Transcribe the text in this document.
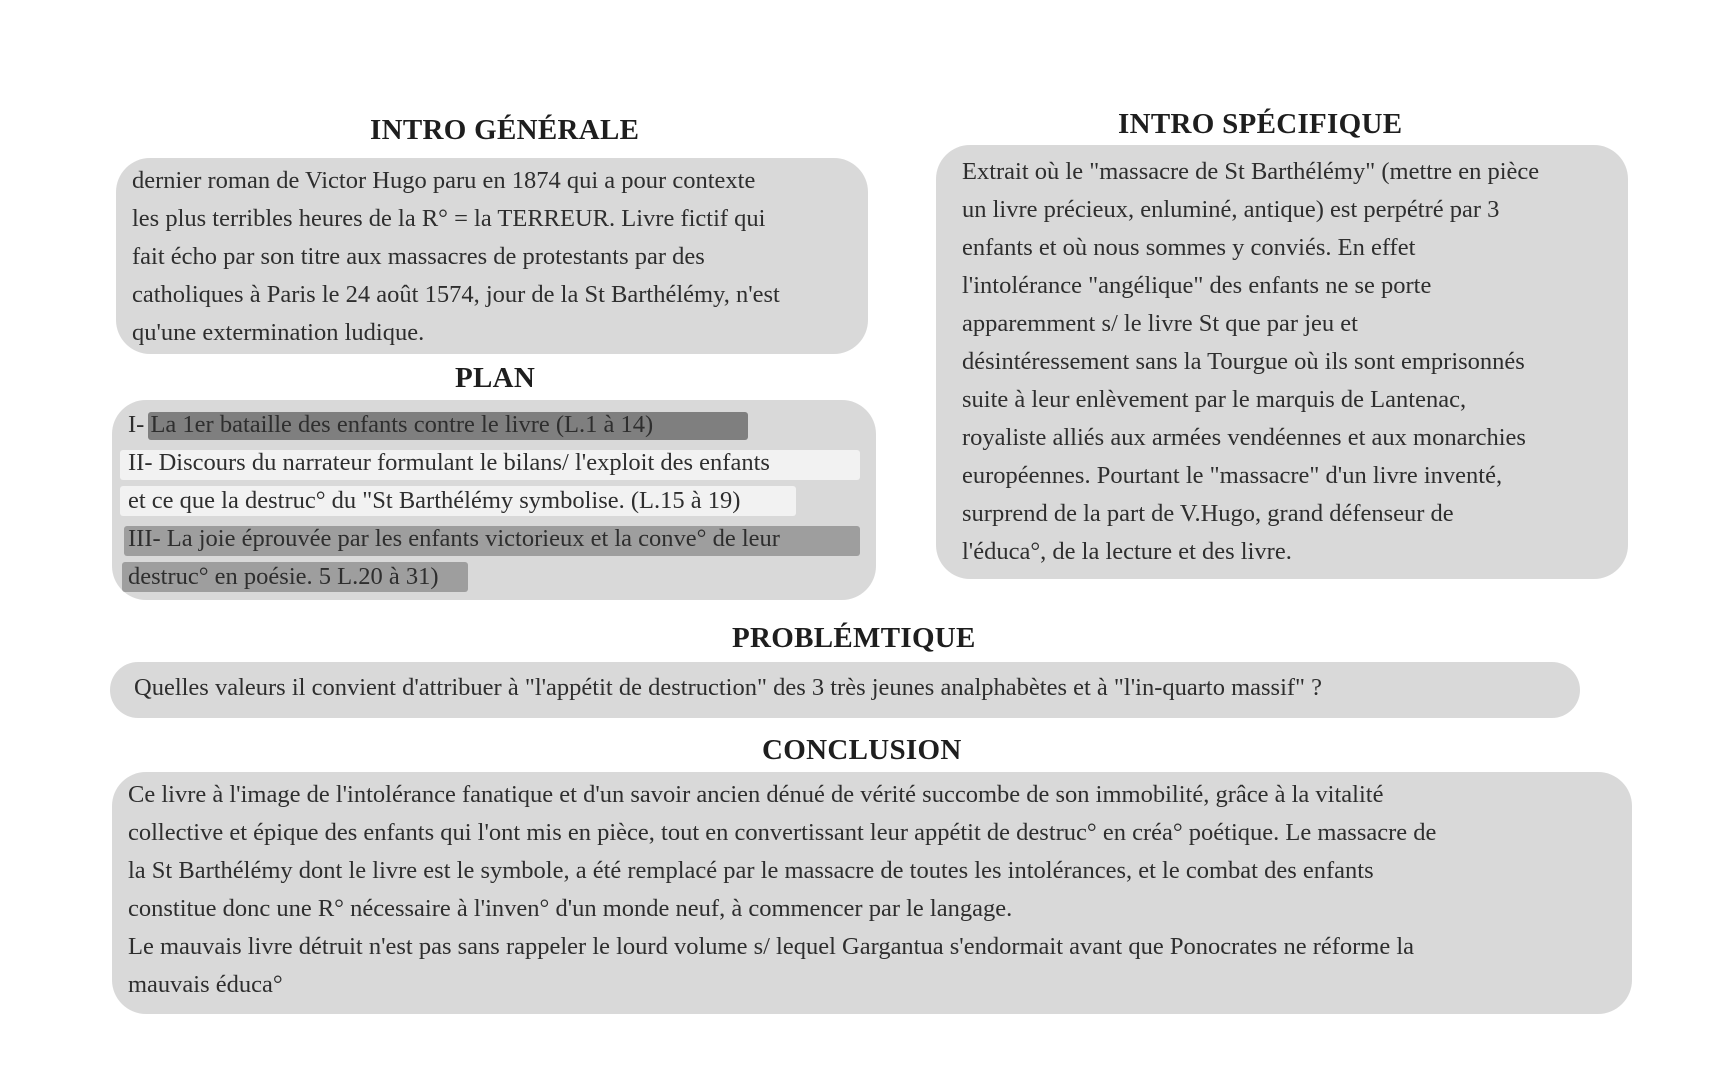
INTRO GÉNÉRALE

dernier roman de Victor Hugo paru en 1874 qui a pour contexte

les plus terribles heures de la R° = la TERREUR. Livre fictif qui

fait écho par son titre aux massacres de protestants par des

catholiques à Paris le 24 août 1574, jour de la St Barthélémy, n'est

qu'une extermination ludique.

PLAN
I- La 1er bataille des enfants contre le livre (L.1 à 14)
II- Discours du narrateur formulant le bilans/ l'exploit des enfants
et ce que la destruc° du "St Barthélémy symbolise. (L.15 à 19)
III- La joie éprouvée par les enfants victorieux et la conve° de leur
destruc° en poésie. 5 L.20 à 31)
INTRO SPÉCIFIQUE

Extrait où le "massacre de St Barthélémy" (mettre en pièce

un livre précieux, enluminé, antique) est perpétré par 3

enfants et où nous sommes y conviés. En effet

l'intolérance "angélique" des enfants ne se porte

apparemment s/ le livre St que par jeu et

désintéressement sans la Tourgue où ils sont emprisonnés

suite à leur enlèvement par le marquis de Lantenac,

royaliste alliés aux armées vendéennes et aux monarchies

européennes. Pourtant le "massacre" d'un livre inventé,

surprend de la part de V.Hugo, grand défenseur de

l'éduca°, de la lecture et des livre.

PROBLÉMTIQUE

Quelles valeurs il convient d'attribuer à "l'appétit de destruction" des 3 très jeunes analphabètes et à "l'in-quarto massif" ?

CONCLUSION

Ce livre à l'image de l'intolérance fanatique et d'un savoir ancien dénué de vérité succombe de son immobilité, grâce à la vitalité

collective et épique des enfants qui l'ont mis en pièce, tout en convertissant leur appétit de destruc° en créa° poétique. Le massacre de

la St Barthélémy dont le livre est le symbole, a été remplacé par le massacre de toutes les intolérances, et le combat des enfants

constitue donc une R° nécessaire à l'inven° d'un monde neuf, à commencer par le langage.

Le mauvais livre détruit n'est pas sans rappeler le lourd volume s/ lequel Gargantua s'endormait avant que Ponocrates ne réforme la

mauvais éduca°
